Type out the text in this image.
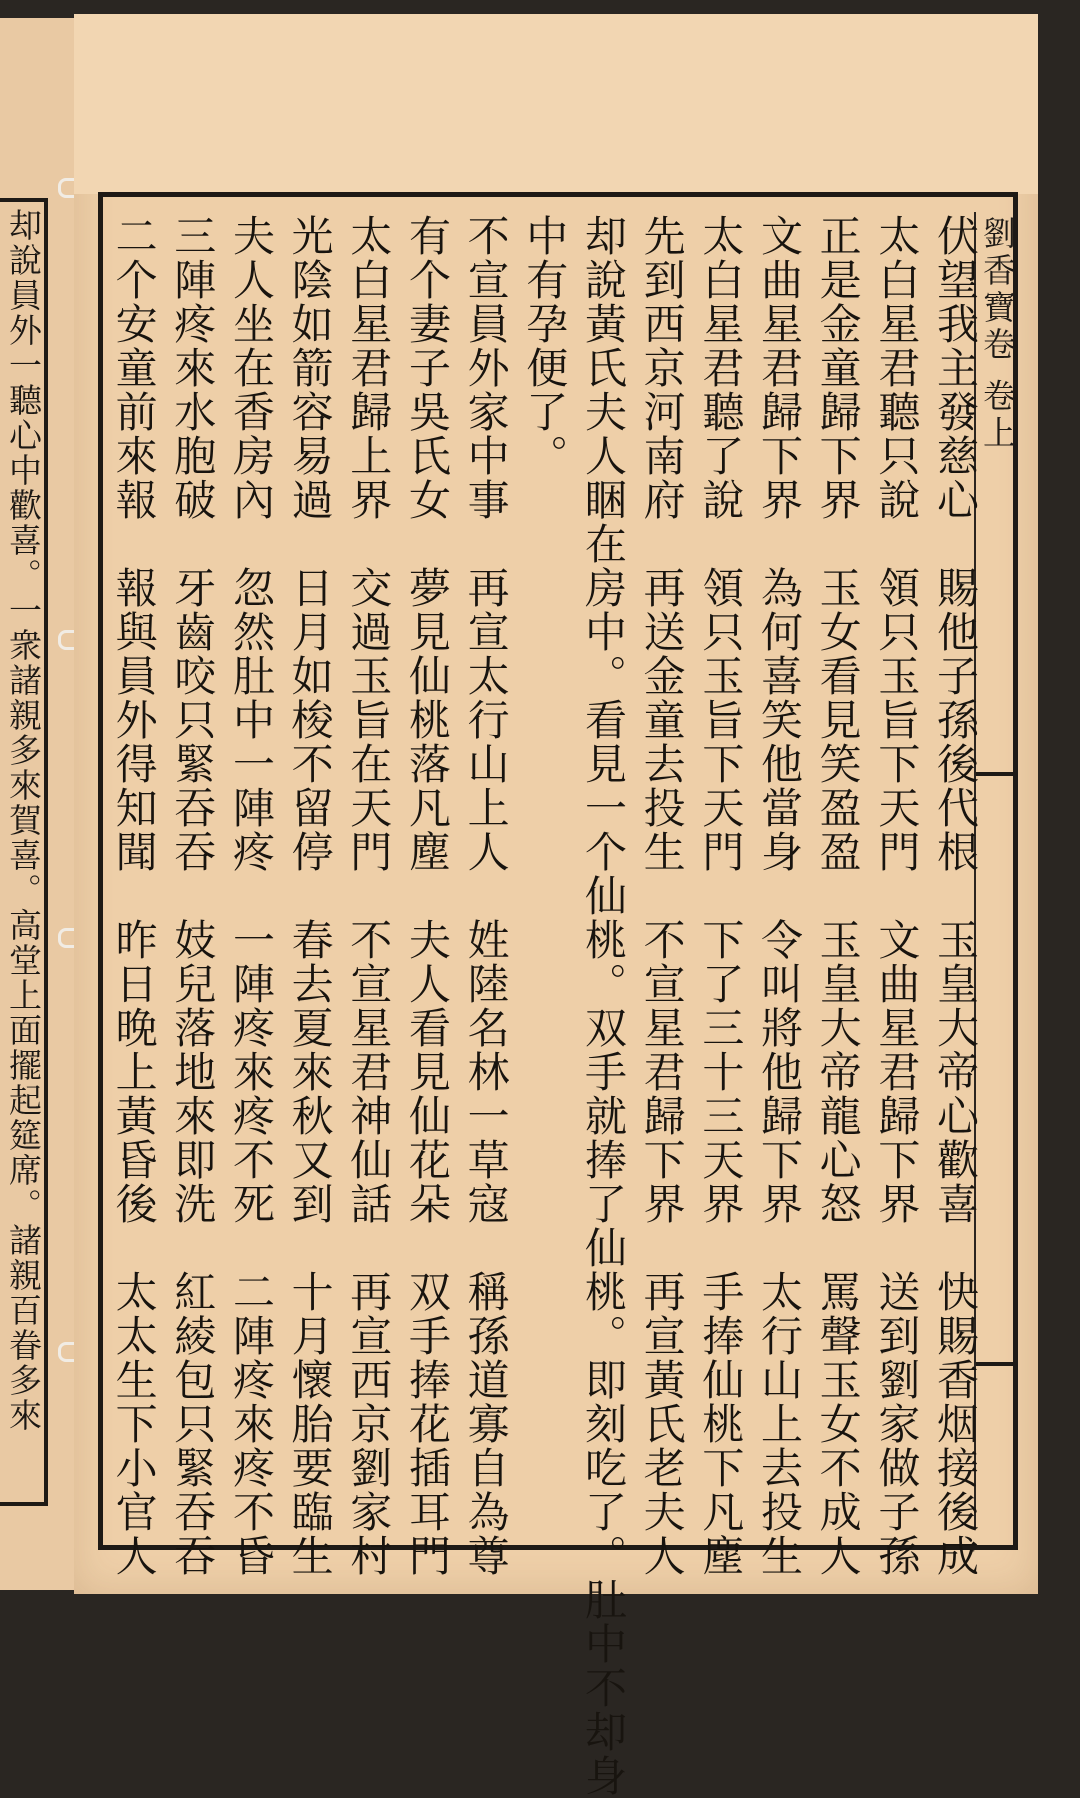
却說員外一聽心中歡喜。一衆諸親多來賀喜。高堂上面擺起筵席。諸親百眷多來	劉香寶卷 卷上
伏望我主發慈心　賜他子孫後代根　玉皇大帝心歡喜　快賜香烟接後成
太白星君聽只說　領只玉旨下天門　文曲星君歸下界　送到劉家做子孫
正是金童歸下界　玉女看見笑盈盈　玉皇大帝龍心怒　罵聲玉女不成人
文曲星君歸下界　為何喜笑他當身　令叫將他歸下界　太行山上去投生
太白星君聽了說　領只玉旨下天門　下了三十三天界　手捧仙桃下凡塵
先到西京河南府　再送金童去投生　不宣星君歸下界　再宣黃氏老夫人
却說黃氏夫人睏在房中。看見一个仙桃。双手就捧了仙桃。即刻吃了。肚中不却身
中有孕便了。
不宣員外家中事　再宣太行山上人　姓陸名林一草寇　稱孫道寡自為尊
有个妻子吳氏女　夢見仙桃落凡塵　夫人看見仙花朵　双手捧花插耳門
太白星君歸上界　交過玉旨在天門　不宣星君神仙話　再宣西京劉家村
光陰如箭容易過　日月如梭不留停　春去夏來秋又到　十月懷胎要臨生
夫人坐在香房內　忽然肚中一陣疼　一陣疼來疼不死　二陣疼來疼不昏
三陣疼來水胞破　牙齒咬只緊吞吞　妓兒落地來即洗　紅綾包只緊吞吞
二个安童前來報　報與員外得知聞　昨日晚上黃昏後　太太生下小官人
